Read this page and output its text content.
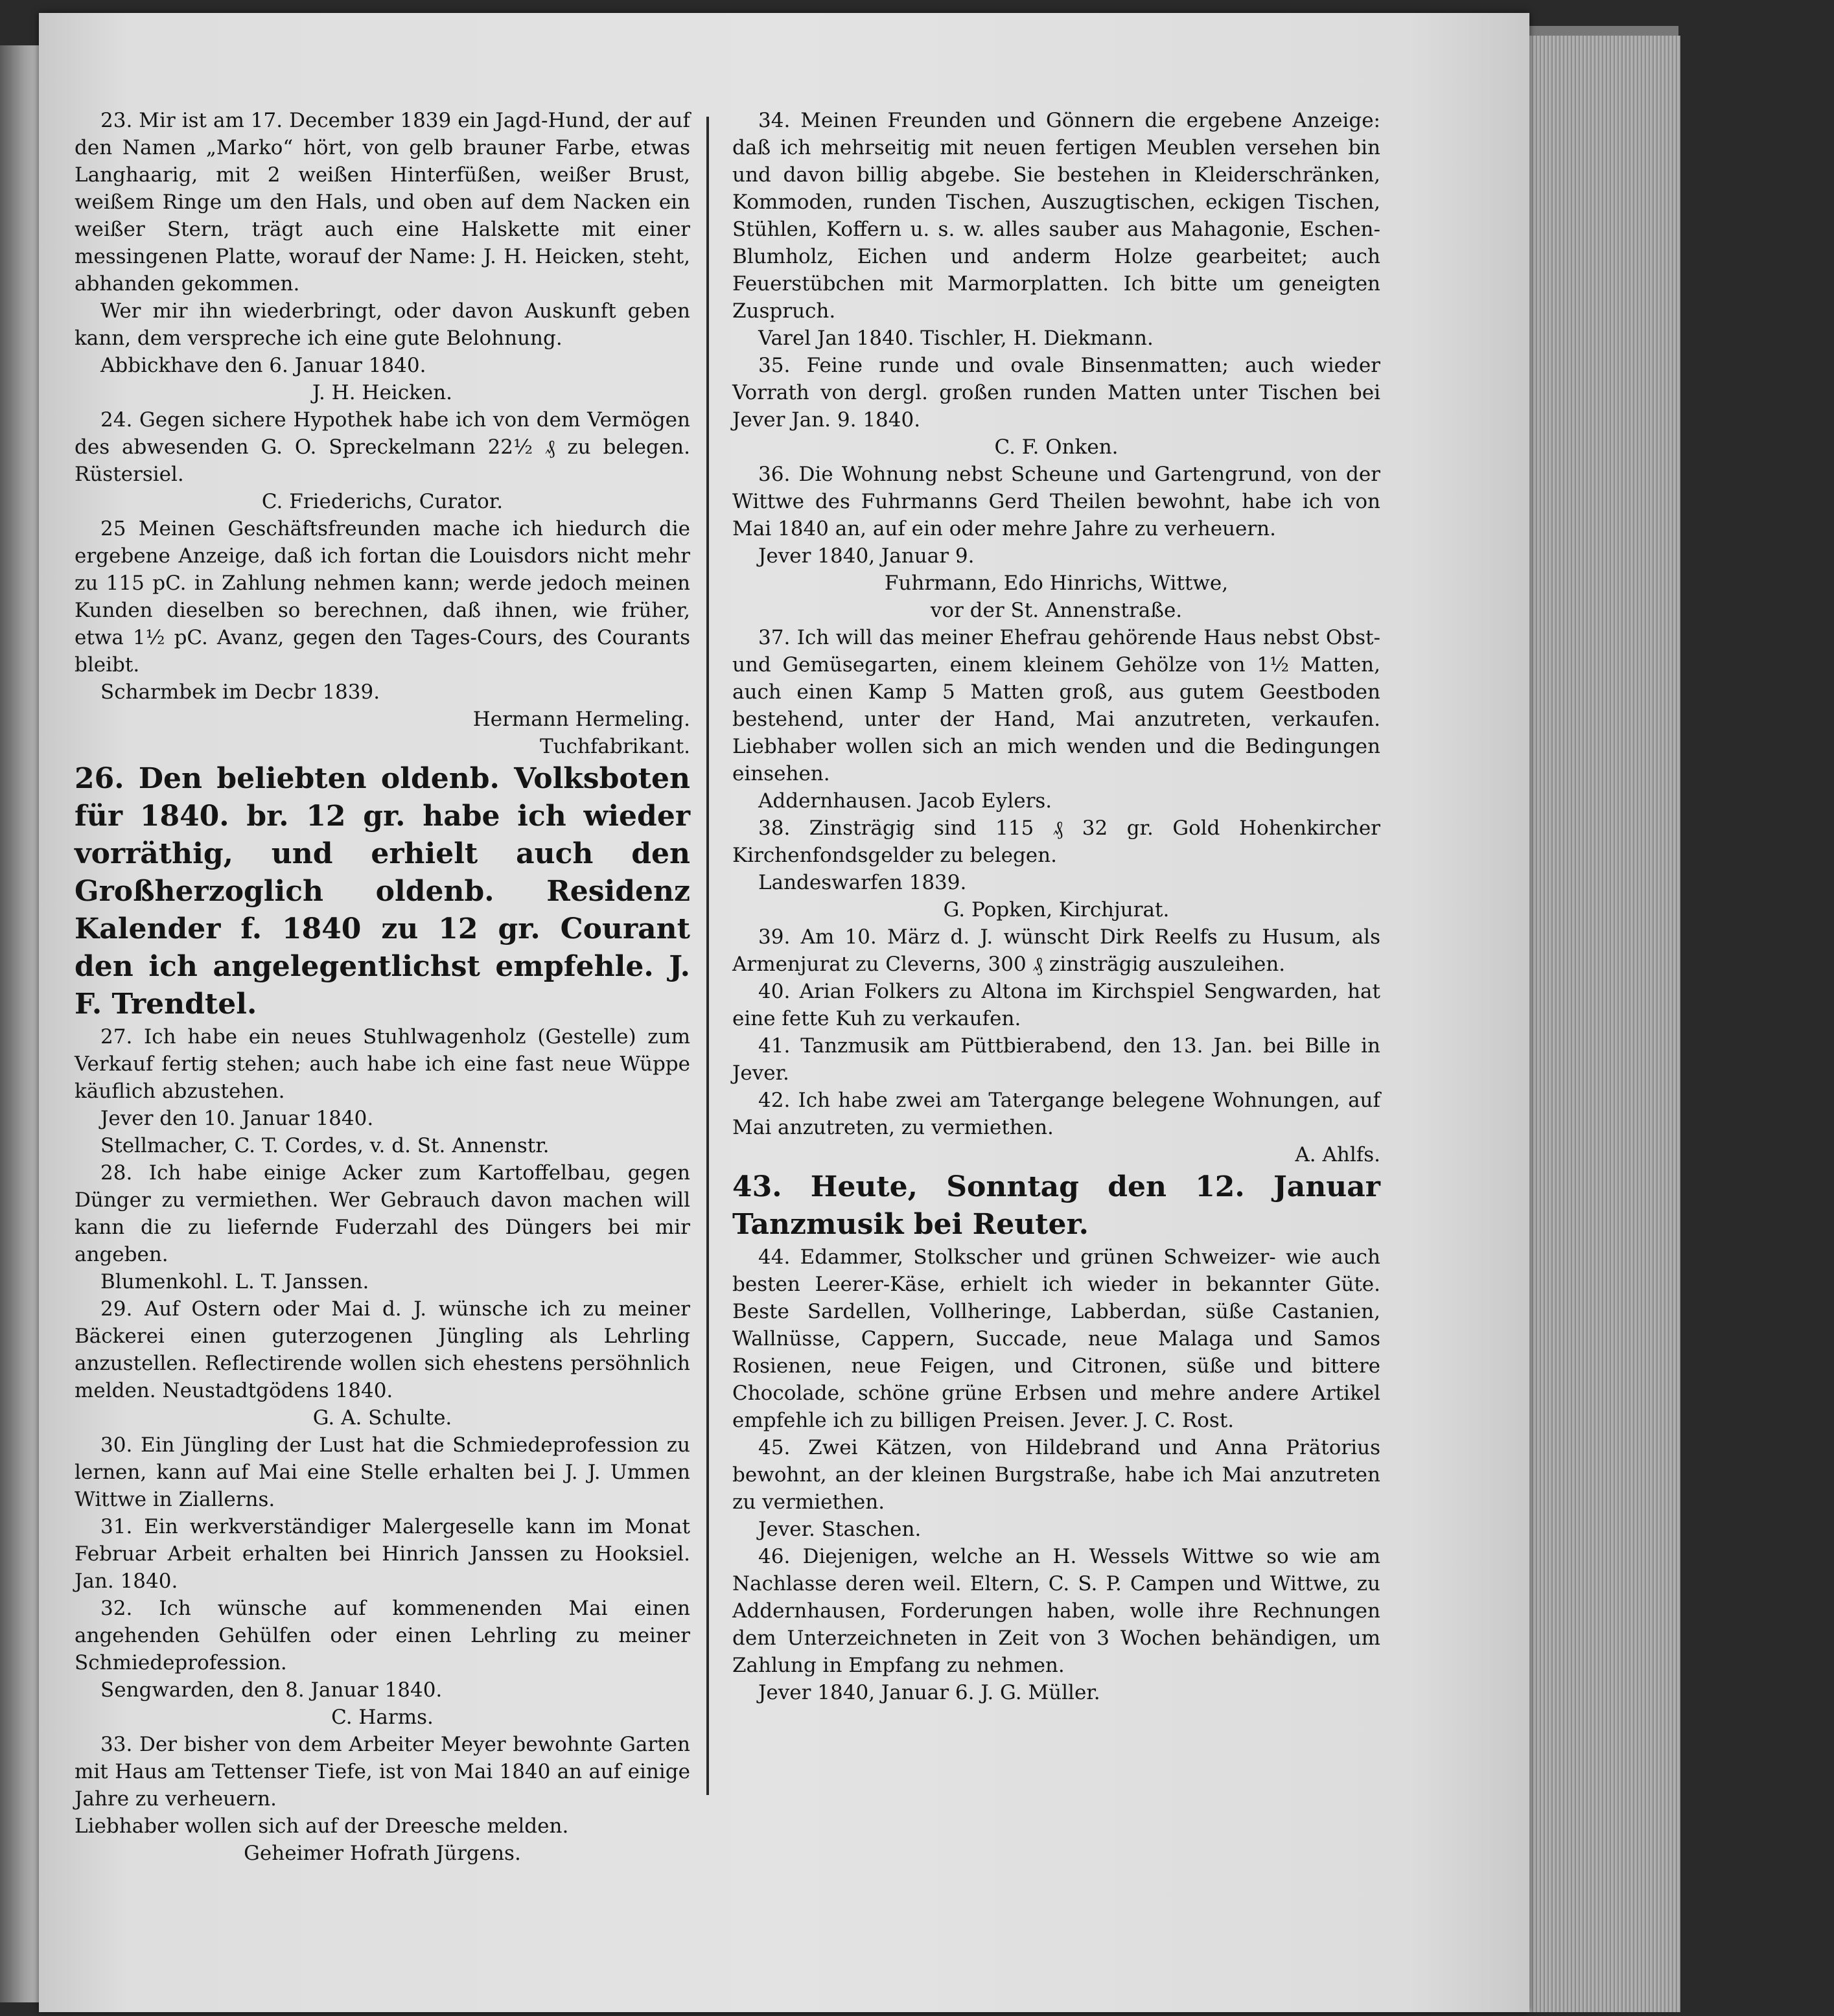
23. Mir ist am 17. December 1839 ein Jagd-Hund, der auf den Namen „Marko“ hört, von gelb brauner Farbe, etwas Langhaarig, mit 2 weißen Hinterfüßen, weißer Brust, weißem Ringe um den Hals, und oben auf dem Nacken ein weißer Stern, trägt auch eine Halskette mit einer messingenen Platte, worauf der Name: J. H. Heicken, steht, abhanden gekommen.

Wer mir ihn wiederbringt, oder davon Auskunft geben kann, dem verspreche ich eine gute Belohnung.

Abbickhave den 6. Januar 1840.

J. H. Heicken.

24. Gegen sichere Hypothek habe ich von dem Vermögen des abwesenden G. O. Spreckelmann 22½ ₰ zu belegen. Rüstersiel.

C. Friederichs, Curator.

25 Meinen Geschäftsfreunden mache ich hiedurch die ergebene Anzeige, daß ich fortan die Louisdors nicht mehr zu 115 pC. in Zahlung nehmen kann; werde jedoch meinen Kunden dieselben so berechnen, daß ihnen, wie früher, etwa 1½ pC. Avanz, gegen den Tages-Cours, des Courants bleibt.

Scharmbek im Decbr 1839.

Hermann Hermeling.

Tuchfabrikant.

26. Den beliebten oldenb. Volksboten für 1840. br. 12 gr. habe ich wieder vorräthig, und erhielt auch den Großherzoglich oldenb. Residenz Kalender f. 1840 zu 12 gr. Courant den ich angelegentlichst empfehle. J. F. Trendtel.

27. Ich habe ein neues Stuhlwagenholz (Gestelle) zum Verkauf fertig stehen; auch habe ich eine fast neue Wüppe käuflich abzustehen.

Jever den 10. Januar 1840.

Stellmacher, C. T. Cordes, v. d. St. Annenstr.

28. Ich habe einige Acker zum Kartoffelbau, gegen Dünger zu vermiethen. Wer Gebrauch davon machen will kann die zu liefernde Fuderzahl des Düngers bei mir angeben.

Blumenkohl. L. T. Janssen.

29. Auf Ostern oder Mai d. J. wünsche ich zu meiner Bäckerei einen guterzogenen Jüngling als Lehrling anzustellen. Reflectirende wollen sich ehestens persöhnlich melden. Neustadtgödens 1840.

G. A. Schulte.

30. Ein Jüngling der Lust hat die Schmiedeprofession zu lernen, kann auf Mai eine Stelle erhalten bei J. J. Ummen Wittwe in Ziallerns.

31. Ein werkverständiger Malergeselle kann im Monat Februar Arbeit erhalten bei Hinrich Janssen zu Hooksiel. Jan. 1840.

32. Ich wünsche auf kommenenden Mai einen angehenden Gehülfen oder einen Lehrling zu meiner Schmiedeprofession.

Sengwarden, den 8. Januar 1840.

C. Harms.

33. Der bisher von dem Arbeiter Meyer bewohnte Garten mit Haus am Tettenser Tiefe, ist von Mai 1840 an auf einige Jahre zu verheuern.

Liebhaber wollen sich auf der Dreesche melden.

Geheimer Hofrath Jürgens.

34. Meinen Freunden und Gönnern die ergebene Anzeige: daß ich mehrseitig mit neuen fertigen Meublen versehen bin und davon billig abgebe. Sie bestehen in Kleiderschränken, Kommoden, runden Tischen, Auszugtischen, eckigen Tischen, Stühlen, Koffern u. s. w. alles sauber aus Mahagonie, Eschen-Blumholz, Eichen und anderm Holze gearbeitet; auch Feuerstübchen mit Marmorplatten. Ich bitte um geneigten Zuspruch.

Varel Jan 1840. Tischler, H. Diekmann.

35. Feine runde und ovale Binsenmatten; auch wieder Vorrath von dergl. großen runden Matten unter Tischen bei Jever Jan. 9. 1840.

C. F. Onken.

36. Die Wohnung nebst Scheune und Gartengrund, von der Wittwe des Fuhrmanns Gerd Theilen bewohnt, habe ich von Mai 1840 an, auf ein oder mehre Jahre zu verheuern.

Jever 1840, Januar 9.

Fuhrmann, Edo Hinrichs, Wittwe,

vor der St. Annenstraße.

37. Ich will das meiner Ehefrau gehörende Haus nebst Obst- und Gemüsegarten, einem kleinem Gehölze von 1½ Matten, auch einen Kamp 5 Matten groß, aus gutem Geestboden bestehend, unter der Hand, Mai anzutreten, verkaufen. Liebhaber wollen sich an mich wenden und die Bedingungen einsehen.

Addernhausen. Jacob Eylers.

38. Zinsträgig sind 115 ₰ 32 gr. Gold Hohenkircher Kirchenfondsgelder zu belegen.

Landeswarfen 1839.

G. Popken, Kirchjurat.

39. Am 10. März d. J. wünscht Dirk Reelfs zu Husum, als Armenjurat zu Cleverns, 300 ₰ zinsträgig auszuleihen.

40. Arian Folkers zu Altona im Kirchspiel Sengwarden, hat eine fette Kuh zu verkaufen.

41. Tanzmusik am Püttbierabend, den 13. Jan. bei Bille in Jever.

42. Ich habe zwei am Tatergange belegene Wohnungen, auf Mai anzutreten, zu vermiethen.

A. Ahlfs.

43. Heute, Sonntag den 12. Januar Tanzmusik bei Reuter.

44. Edammer, Stolkscher und grünen Schweizer- wie auch besten Leerer-Käse, erhielt ich wieder in bekannter Güte. Beste Sardellen, Vollheringe, Labberdan, süße Castanien, Wallnüsse, Cappern, Succade, neue Malaga und Samos Rosienen, neue Feigen, und Citronen, süße und bittere Chocolade, schöne grüne Erbsen und mehre andere Artikel empfehle ich zu billigen Preisen. Jever. J. C. Rost.

45. Zwei Kätzen, von Hildebrand und Anna Prätorius bewohnt, an der kleinen Burgstraße, habe ich Mai anzutreten zu vermiethen.

Jever. Staschen.

46. Diejenigen, welche an H. Wessels Wittwe so wie am Nachlasse deren weil. Eltern, C. S. P. Campen und Wittwe, zu Addernhausen, Forderungen haben, wolle ihre Rechnungen dem Unterzeichneten in Zeit von 3 Wochen behändigen, um Zahlung in Empfang zu nehmen.

Jever 1840, Januar 6. J. G. Müller.
